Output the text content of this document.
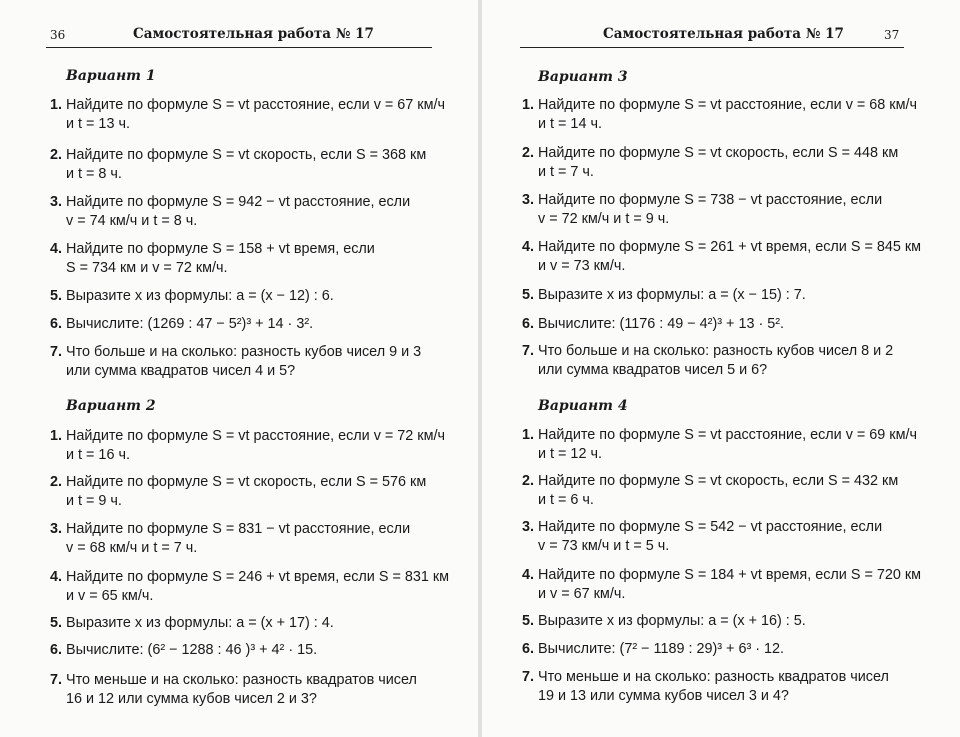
36	Самостоятельная работа № 17
Вариант 1
1. Найдите по формуле S = vt расстояние, если v = 67 км/ч
и t = 13 ч.
2. Найдите по формуле S = vt скорость, если S = 368 км
и t = 8 ч.
3. Найдите по формуле S = 942 − vt расстояние, если
v = 74 км/ч и t = 8 ч.
4. Найдите по формуле S = 158 + vt время, если
S = 734 км и v = 72 км/ч.
5. Выразите x из формулы: a = (x − 12) : 6.
6. Вычислите: (1269 : 47 − 5²)³ + 14 · 3².
7. Что больше и на сколько: разность кубов чисел 9 и 3
или сумма квадратов чисел 4 и 5?
Вариант 2
1. Найдите по формуле S = vt расстояние, если v = 72 км/ч
и t = 16 ч.
2. Найдите по формуле S = vt скорость, если S = 576 км
и t = 9 ч.
3. Найдите по формуле S = 831 − vt расстояние, если
v = 68 км/ч и t = 7 ч.
4. Найдите по формуле S = 246 + vt время, если S = 831 км
и v = 65 км/ч.
5. Выразите x из формулы: a = (x + 17) : 4.
6. Вычислите: (6² − 1288 : 46 )³ + 4² · 15.
7. Что меньше и на сколько: разность квадратов чисел
16 и 12 или сумма кубов чисел 2 и 3?
Самостоятельная работа № 17	37
Вариант 3
1. Найдите по формуле S = vt расстояние, если v = 68 км/ч
и t = 14 ч.
2. Найдите по формуле S = vt скорость, если S = 448 км
и t = 7 ч.
3. Найдите по формуле S = 738 − vt расстояние, если
v = 72 км/ч и t = 9 ч.
4. Найдите по формуле S = 261 + vt время, если S = 845 км
и v = 73 км/ч.
5. Выразите x из формулы: a = (x − 15) : 7.
6. Вычислите: (1176 : 49 − 4²)³ + 13 · 5².
7. Что больше и на сколько: разность кубов чисел 8 и 2
или сумма квадратов чисел 5 и 6?
Вариант 4
1. Найдите по формуле S = vt расстояние, если v = 69 км/ч
и t = 12 ч.
2. Найдите по формуле S = vt скорость, если S = 432 км
и t = 6 ч.
3. Найдите по формуле S = 542 − vt расстояние, если
v = 73 км/ч и t = 5 ч.
4. Найдите по формуле S = 184 + vt время, если S = 720 км
и v = 67 км/ч.
5. Выразите x из формулы: a = (x + 16) : 5.
6. Вычислите: (7² − 1189 : 29)³ + 6³ · 12.
7. Что меньше и на сколько: разность квадратов чисел
19 и 13 или сумма кубов чисел 3 и 4?
